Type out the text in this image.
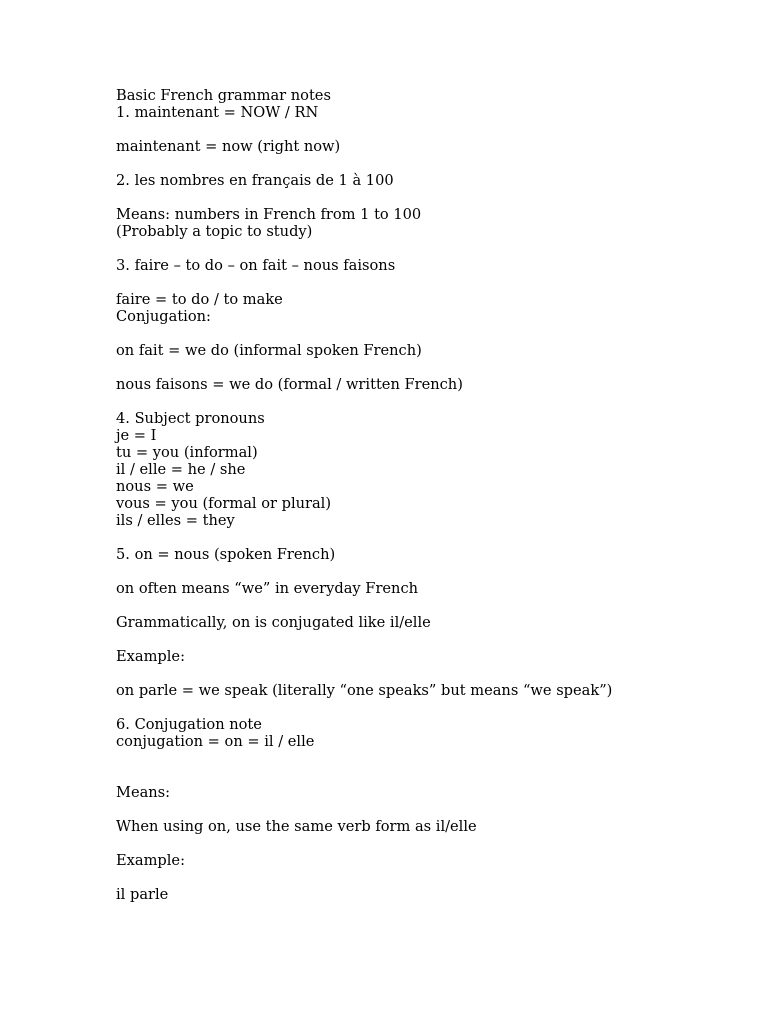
Basic French grammar notes
1. maintenant = NOW / RN
maintenant = now (right now)
2. les nombres en français de 1 à 100
Means: numbers in French from 1 to 100
(Probably a topic to study)
3. faire – to do – on fait – nous faisons
faire = to do / to make
Conjugation:
on fait = we do (informal spoken French)
nous faisons = we do (formal / written French)
4. Subject pronouns
je = I
tu = you (informal)
il / elle = he / she
nous = we
vous = you (formal or plural)
ils / elles = they
5. on = nous (spoken French)
on often means “we” in everyday French
Grammatically, on is conjugated like il/elle
Example:
on parle = we speak (literally “one speaks” but means “we speak”)
6. Conjugation note
conjugation = on = il / elle
Means:
When using on, use the same verb form as il/elle
Example:
il parle
